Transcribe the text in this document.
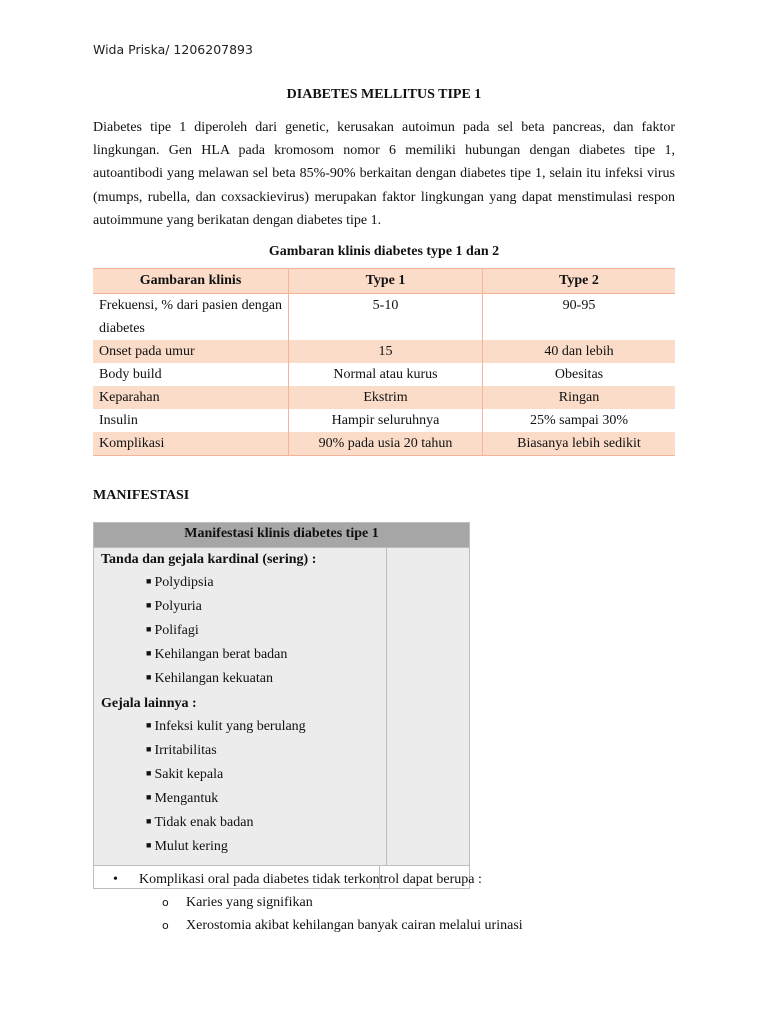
Wida Priska/ 1206207893
DIABETES MELLITUS TIPE 1

Diabetes tipe 1 diperoleh dari genetic, kerusakan autoimun pada sel beta pancreas, dan faktor lingkungan. Gen HLA pada kromosom nomor 6 memiliki hubungan dengan diabetes tipe 1, autoantibodi yang melawan sel beta 85%-90% berkaitan dengan diabetes tipe 1, selain itu infeksi virus (mumps, rubella, dan coxsackievirus) merupakan faktor lingkungan yang dapat menstimulasi respon autoimmune yang berikatan dengan diabetes tipe 1.

Gambaran klinis diabetes type 1 dan 2
Gambaran klinis	Type 1	Type 2
Frekuensi, % dari pasien dengan diabetes	5-10	90-95
Onset pada umur	15	40 dan lebih
Body build	Normal atau kurus	Obesitas
Keparahan	Ekstrim	Ringan
Insulin	Hampir seluruhnya	25% sampai 30%
Komplikasi	90% pada usia 20 tahun	Biasanya lebih sedikit
MANIFESTASI
Manifestasi klinis diabetes tipe 1
Tanda dan gejala kardinal (sering) :
■ Polydipsia
■ Polyuria
■ Polifagi
■ Kehilangan berat badan
■ Kehilangan kekuatan
Gejala lainnya :
■ Infeksi kulit yang berulang
■ Irritabilitas
■ Sakit kepala
■ Mengantuk
■ Tidak enak badan
■ Mulut kering
• Komplikasi oral pada diabetes tidak terkontrol dapat berupa :
o Karies yang signifikan
o Xerostomia akibat kehilangan banyak cairan melalui urinasi
